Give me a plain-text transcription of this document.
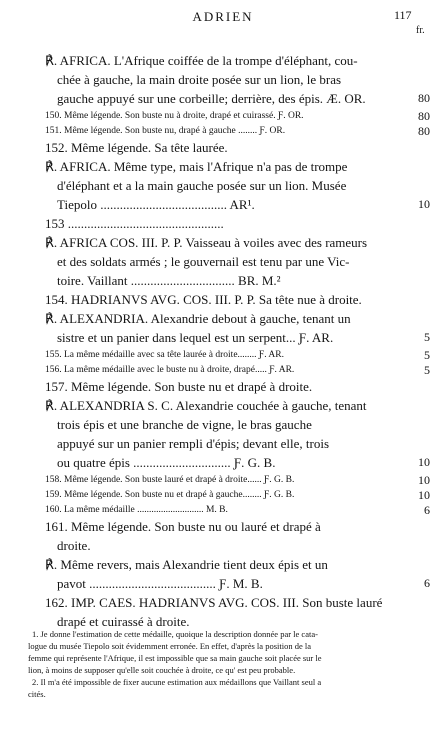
ADRIEN	117
fr.
℟. AFRICA. L'Afrique coiffée de la trompe d'éléphant, cou-
chée à gauche, la main droite posée sur un lion, le bras
gauche appuyé sur une corbeille; derrière, des épis. Æ. OR.	80
150. Même légende. Son buste nu à droite, drapé et cuirassé. Ƒ. OR.	80
151. Même légende. Son buste nu, drapé à gauche ........ Ƒ. OR.	80
152. Même légende. Sa tête laurée.
℟. AFRICA. Même type, mais l'Afrique n'a pas de trompe
d'éléphant et a la main gauche posée sur un lion. Musée
Tiepolo ....................................... AR¹.	10
153 ................................................
℟. AFRICA COS. III. P. P. Vaisseau à voiles avec des rameurs
et des soldats armés ; le gouvernail est tenu par une Vic-
toire. Vaillant ................................ BR. M.²
154. HADRIANVS AVG. COS. III. P. P. Sa tête nue à droite.
℟. ALEXANDRIA. Alexandrie debout à gauche, tenant un
sistre et un panier dans lequel est un serpent... Ƒ. AR.	5
155. La même médaille avec sa tête laurée à droite........ Ƒ. AR.	5
156. La même médaille avec le buste nu à droite, drapé..... Ƒ. AR.	5
157. Même légende. Son buste nu et drapé à droite.
℟. ALEXANDRIA S. C. Alexandrie couchée à gauche, tenant
trois épis et une branche de vigne, le bras gauche
appuyé sur un panier rempli d'épis; devant elle, trois
ou quatre épis .............................. Ƒ. G. B.	10
158. Même légende. Son buste lauré et drapé à droite...... Ƒ. G. B.	10
159. Même légende. Son buste nu et drapé à gauche........ Ƒ. G. B.	10
160. La même médaille ............................ M. B.	6
161. Même légende. Son buste nu ou lauré et drapé à
droite.
℟. Même revers, mais Alexandrie tient deux épis et un
pavot ....................................... Ƒ. M. B.	6
162. IMP. CAES. HADRIANVS AVG. COS. III. Son buste lauré
drapé et cuirassé à droite.
1. Je donne l'estimation de cette médaille, quoique la description donnée par le cata-
logue du musée Tiepolo soit évidemment erronée. En effet, d'après la position de la
femme qui représente l'Afrique, il est impossible que sa main gauche soit placée sur le
lion, à moins de supposer qu'elle soit couchée à droite, ce qu' est peu probable.
2. Il m'a été impossible de fixer aucune estimation aux médaillons que Vaillant seul a
cités.
